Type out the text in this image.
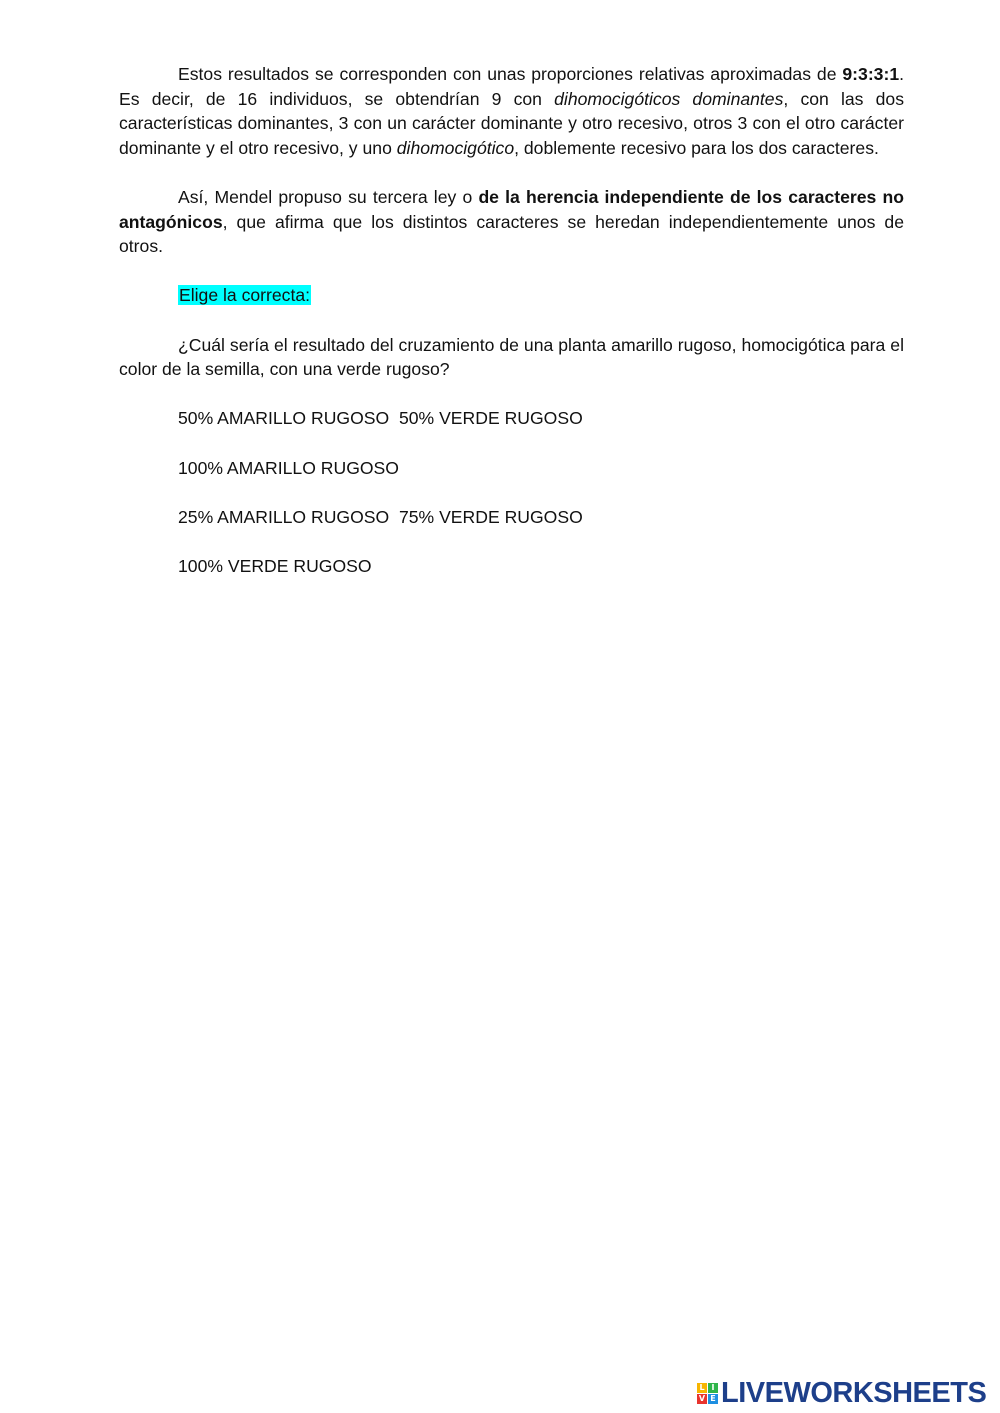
Estos resultados se corresponden con unas proporciones relativas aproximadas de 9:3:3:1. Es decir, de 16 individuos, se obtendrían 9 con dihomocigóticos dominantes, con las dos características dominantes, 3 con un carácter dominante y otro recesivo, otros 3 con el otro carácter dominante y el otro recesivo, y uno dihomocigótico, doblemente recesivo para los dos caracteres.

Así, Mendel propuso su tercera ley o de la herencia independiente de los caracteres no antagónicos, que afirma que los distintos caracteres se heredan independientemente unos de otros.

Elige la correcta:

¿Cuál sería el resultado del cruzamiento de una planta amarillo rugoso, homocigótica para el color de la semilla, con una verde rugoso?

50% AMARILLO RUGOSO  50% VERDE RUGOSO
100% AMARILLO RUGOSO
25% AMARILLO RUGOSO  75% VERDE RUGOSO
100% VERDE RUGOSO
L I
V E LIVEWORKSHEETS
